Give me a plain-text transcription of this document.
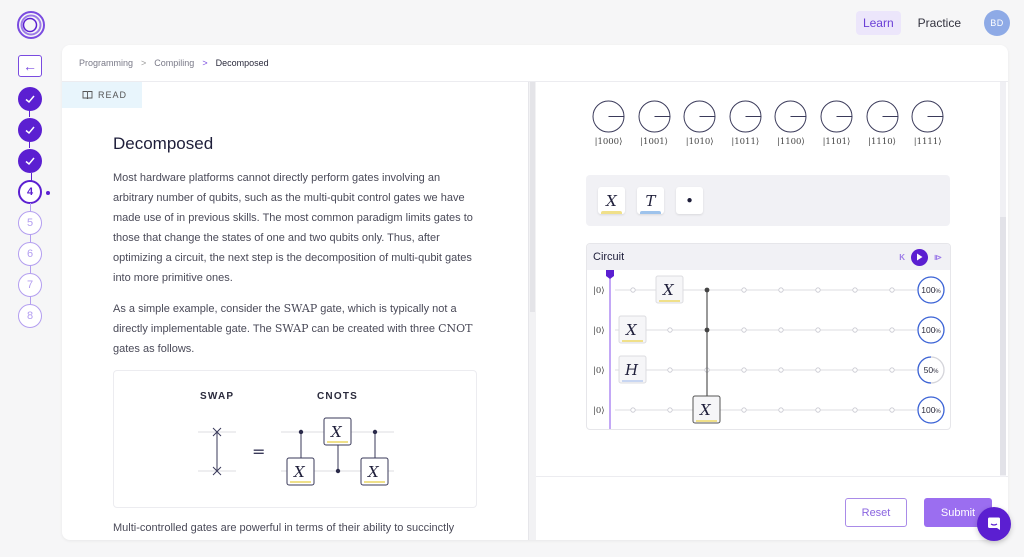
Learn	Practice	BD
←
4
5
6
7
8
Programming > Compiling > Decomposed
READ
Decomposed

Most hardware platforms cannot directly perform gates involving an arbitrary number of qubits, such as the multi-qubit control gates we have made use of in previous skills. The most common paradigm limits gates to those that change the states of one and two qubits only. Thus, after optimizing a circuit, the next step is the decomposition of multi-qubit gates into more primitive ones.

As a simple example, consider the SWAP gate, which is typically not a directly implementable gate. The SWAP can be created with three CNOT gates as follows.

SWAP	CNOTS
=
X
X
X

Multi-controlled gates are powerful in terms of their ability to succinctly

|1000⟩ |1001⟩ |1010⟩ |1011⟩ |1100⟩ |1101⟩ |1110⟩ |1111⟩
X T •
Circuit	K	⧐
|0⟩
|0⟩
|0⟩
|0⟩
X
X
H
X
100%
100%
50%
100%
Reset	Submit
